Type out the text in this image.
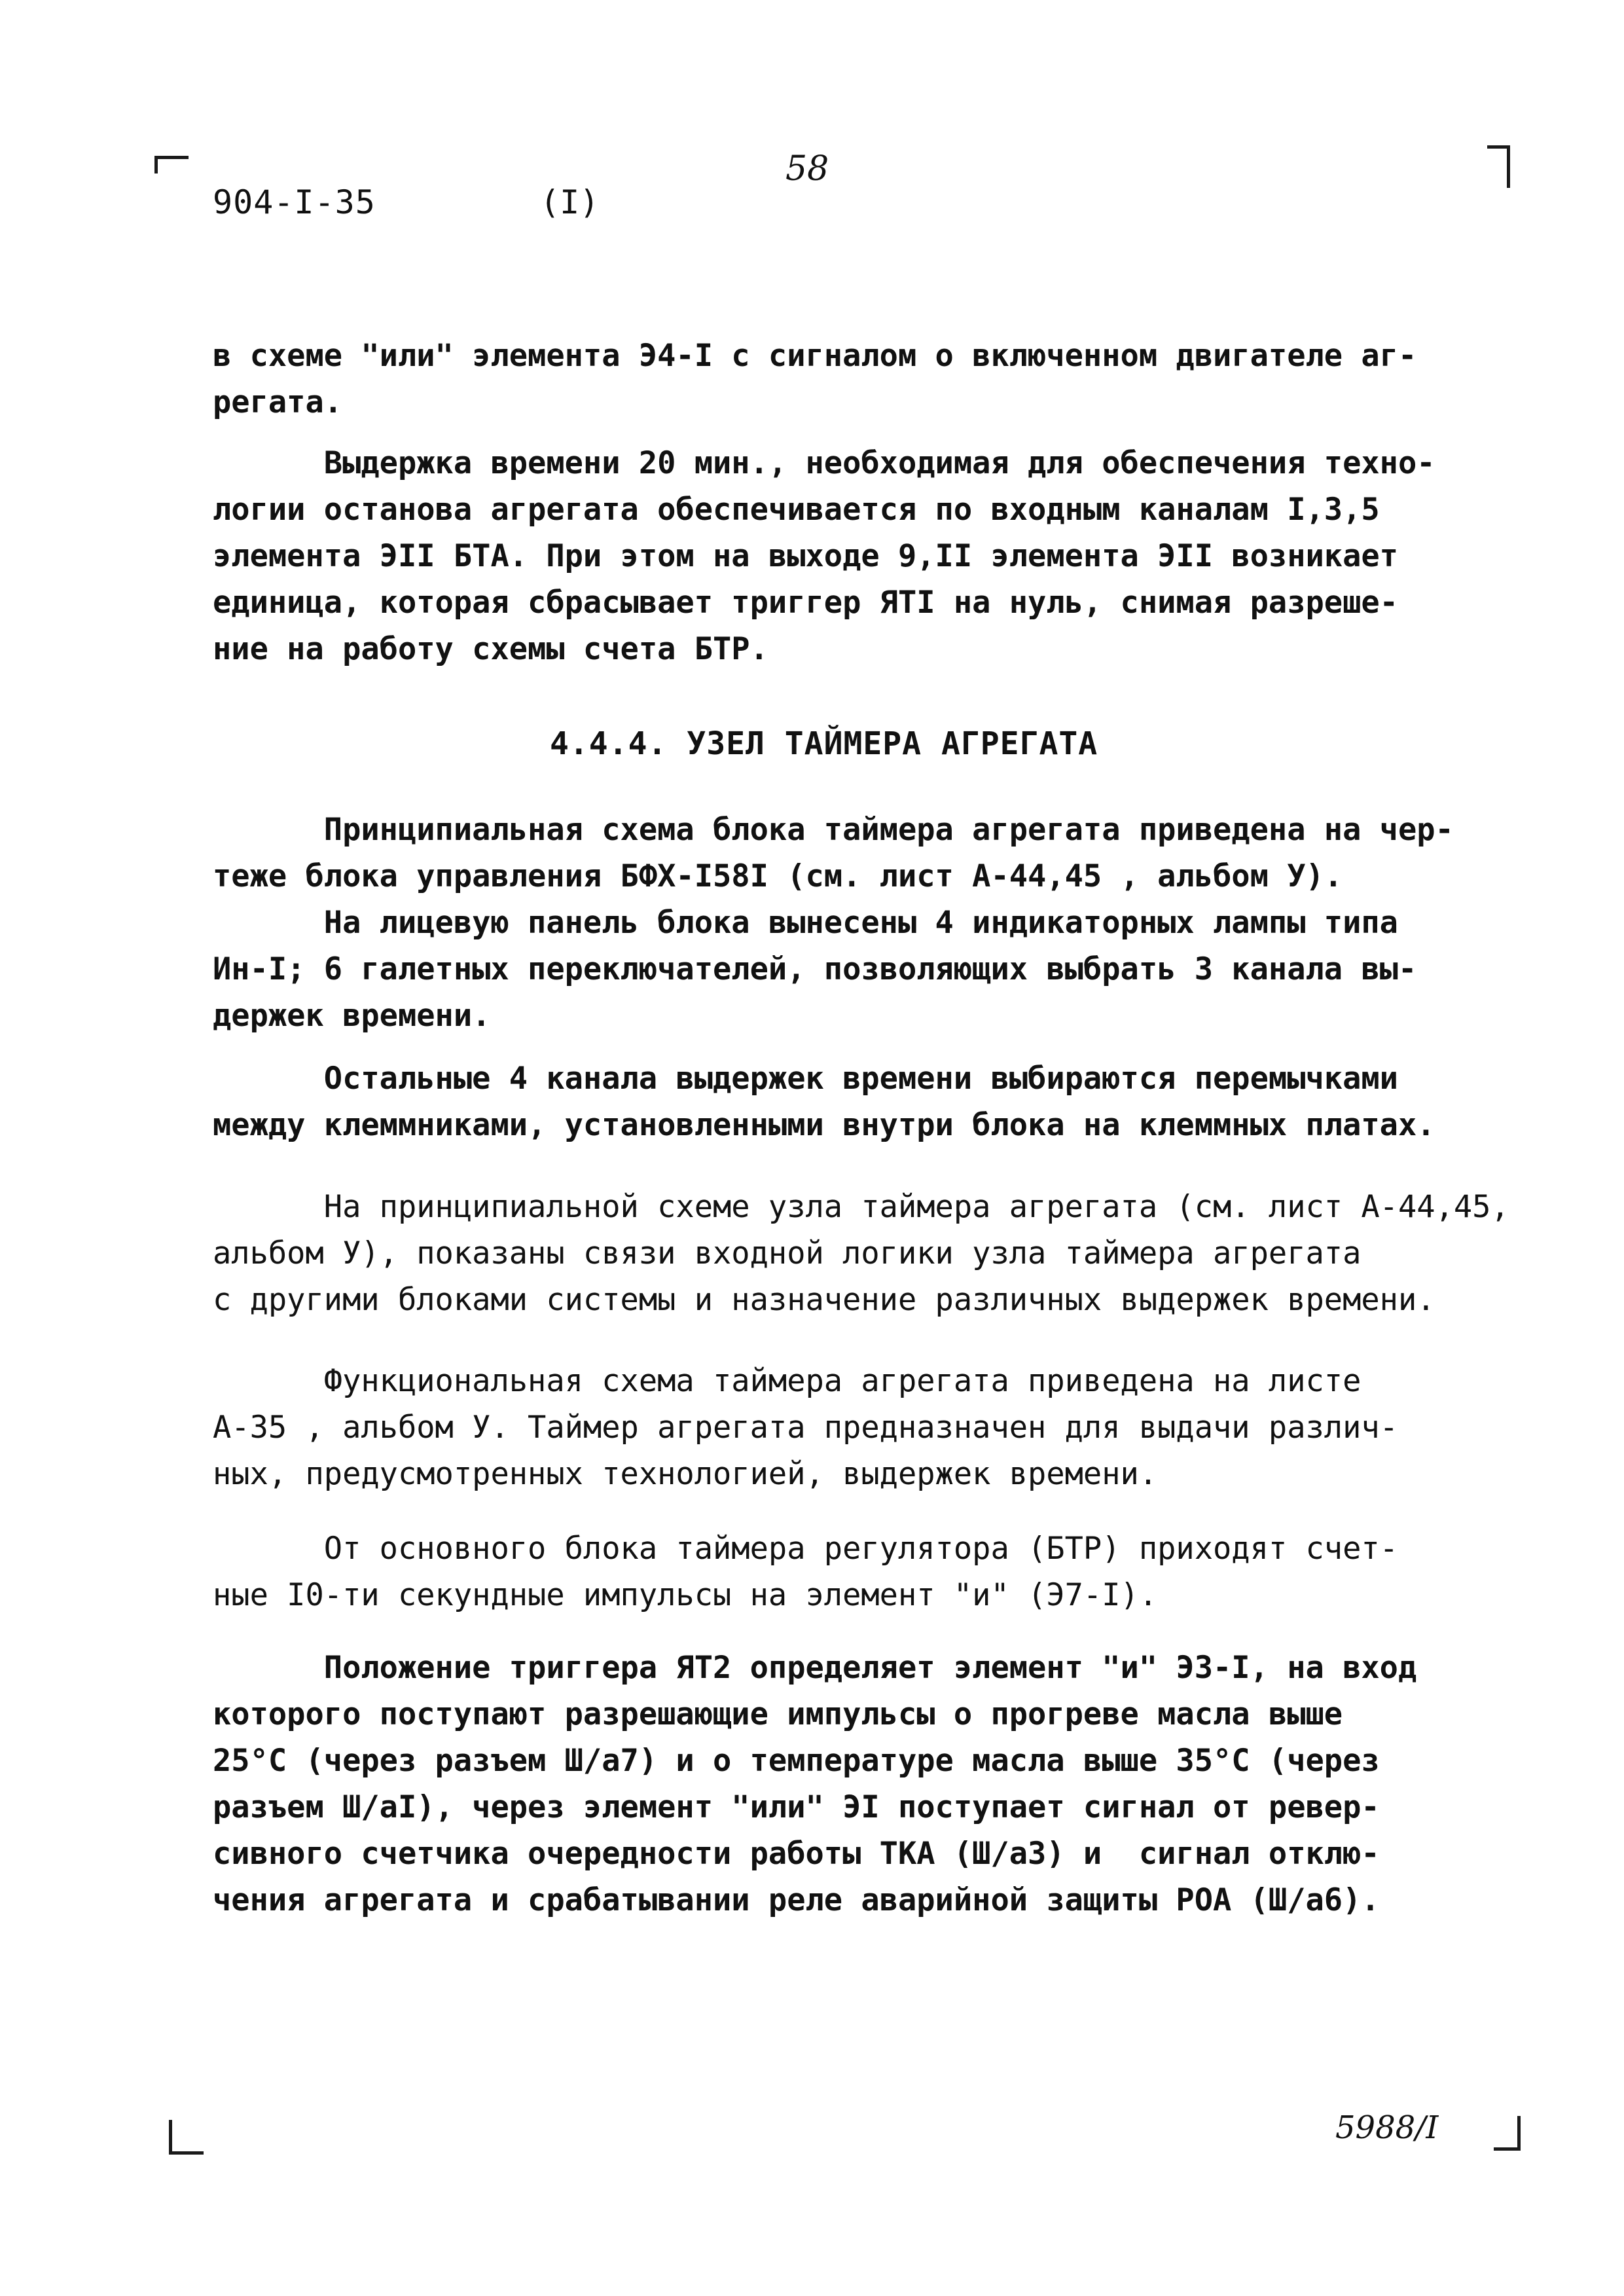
904-I-35	(I)
58

в схеме "или" элемента Э4-I с сигналом о включенном двигателе аг-
регата.

Выдержка времени 20 мин., необходимая для обеспечения техно-
логии останова агрегата обеспечивается по входным каналам I,3,5
элемента ЭII БТА. При этом на выходе 9,II элемента ЭII возникает
единица, которая сбрасывает триггер ЯТI на нуль, снимая разреше-
ние на работу схемы счета БТР.

4.4.4. УЗЕЛ ТАЙМЕРА АГРЕГАТА

Принципиальная схема блока таймера агрегата приведена на чер-
теже блока управления БФХ-I58I (см. лист А-44,45 , альбом У).

На лицевую панель блока вынесены 4 индикаторных лампы типа
Ин-I; 6 галетных переключателей, позволяющих выбрать 3 канала вы-
держек времени.

Остальные 4 канала выдержек времени выбираются перемычками
между клеммниками, установленными внутри блока на клеммных платах.

На принципиальной схеме узла таймера агрегата (см. лист А-44,45,
альбом У), показаны связи входной логики узла таймера агрегата
с другими блоками системы и назначение различных выдержек времени.

Функциональная схема таймера агрегата приведена на листе
А-35 , альбом У. Таймер агрегата предназначен для выдачи различ-
ных, предусмотренных технологией, выдержек времени.

От основного блока таймера регулятора (БТР) приходят счет-
ные I0-ти секундные импульсы на элемент "и" (Э7-I).

Положение триггера ЯТ2 определяет элемент "и" Э3-I, на вход
которого поступают разрешающие импульсы о прогреве масла выше
25°С (через разъем Ш/а7) и о температуре масла выше 35°С (через
разъем Ш/аI), через элемент "или" ЭI поступает сигнал от ревер-
сивного счетчика очередности работы ТКА (Ш/а3) и  сигнал отклю-
чения агрегата и срабатывании реле аварийной защиты РОА (Ш/а6).

5988/I
